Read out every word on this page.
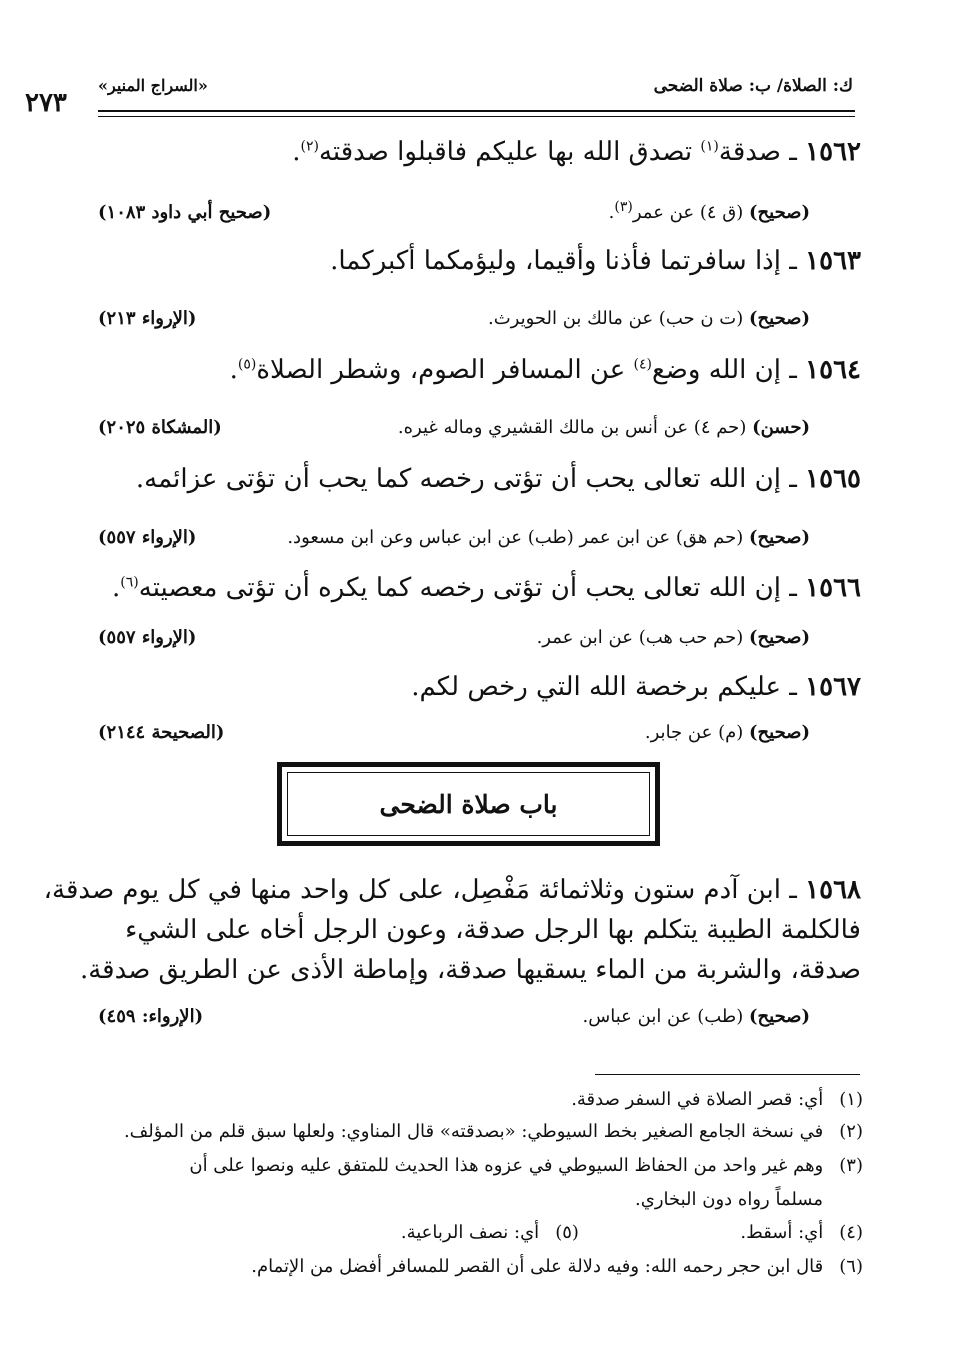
ك: الصلاة/ ب: صلاة الضحى
«السراج المنير»
٢٧٣
١٥٦٢ ـ صدقة$^{(١)}$ تصدق الله بها عليكم فاقبلوا صدقته$^{(٢)}$.
(صحيح) (ق ٤) عن عمر$^{(٣)}$.
(صحيح أبي داود ١٠٨٣)
١٥٦٣ ـ إذا سافرتما فأذنا وأقيما، وليؤمكما أكبركما.
(صحيح) (ت ن حب) عن مالك بن الحويرث.
(الإرواء ٢١٣)
١٥٦٤ ـ إن الله وضع$^{(٤)}$ عن المسافر الصوم، وشطر الصلاة$^{(٥)}$.
(حسن) (حم ٤) عن أنس بن مالك القشيري وماله غيره.
(المشكاة ٢٠٢٥)
١٥٦٥ ـ إن الله تعالى يحب أن تؤتى رخصه كما يحب أن تؤتى عزائمه.
(صحيح) (حم هق) عن ابن عمر (طب) عن ابن عباس وعن ابن مسعود.
(الإرواء ٥٥٧)
١٥٦٦ ـ إن الله تعالى يحب أن تؤتى رخصه كما يكره أن تؤتى معصيته$^{(٦)}$.
(صحيح) (حم حب هب) عن ابن عمر.
(الإرواء ٥٥٧)
١٥٦٧ ـ عليكم برخصة الله التي رخص لكم.
(صحيح) (م) عن جابر.
(الصحيحة ٢١٤٤)
باب صلاة الضحى
١٥٦٨ ـ ابن آدم ستون وثلاثمائة مَفْصِل، على كل واحد منها في كل يوم صدقة،
فالكلمة الطيبة يتكلم بها الرجل صدقة، وعون الرجل أخاه على الشيء
صدقة، والشربة من الماء يسقيها صدقة، وإماطة الأذى عن الطريق صدقة.
(صحيح) (طب) عن ابن عباس.
(الإرواء: ٤٥٩)
(١) أي: قصر الصلاة في السفر صدقة.
(٢) في نسخة الجامع الصغير بخط السيوطي: «بصدقته» قال المناوي: ولعلها سبق قلم من المؤلف.
(٣) وهم غير واحد من الحفاظ السيوطي في عزوه هذا الحديث للمتفق عليه ونصوا على أن
مسلماً رواه دون البخاري.
(٤) أي: أسقط.  (٥) أي: نصف الرباعية.
(٦) قال ابن حجر رحمه الله: وفيه دلالة على أن القصر للمسافر أفضل من الإتمام.
